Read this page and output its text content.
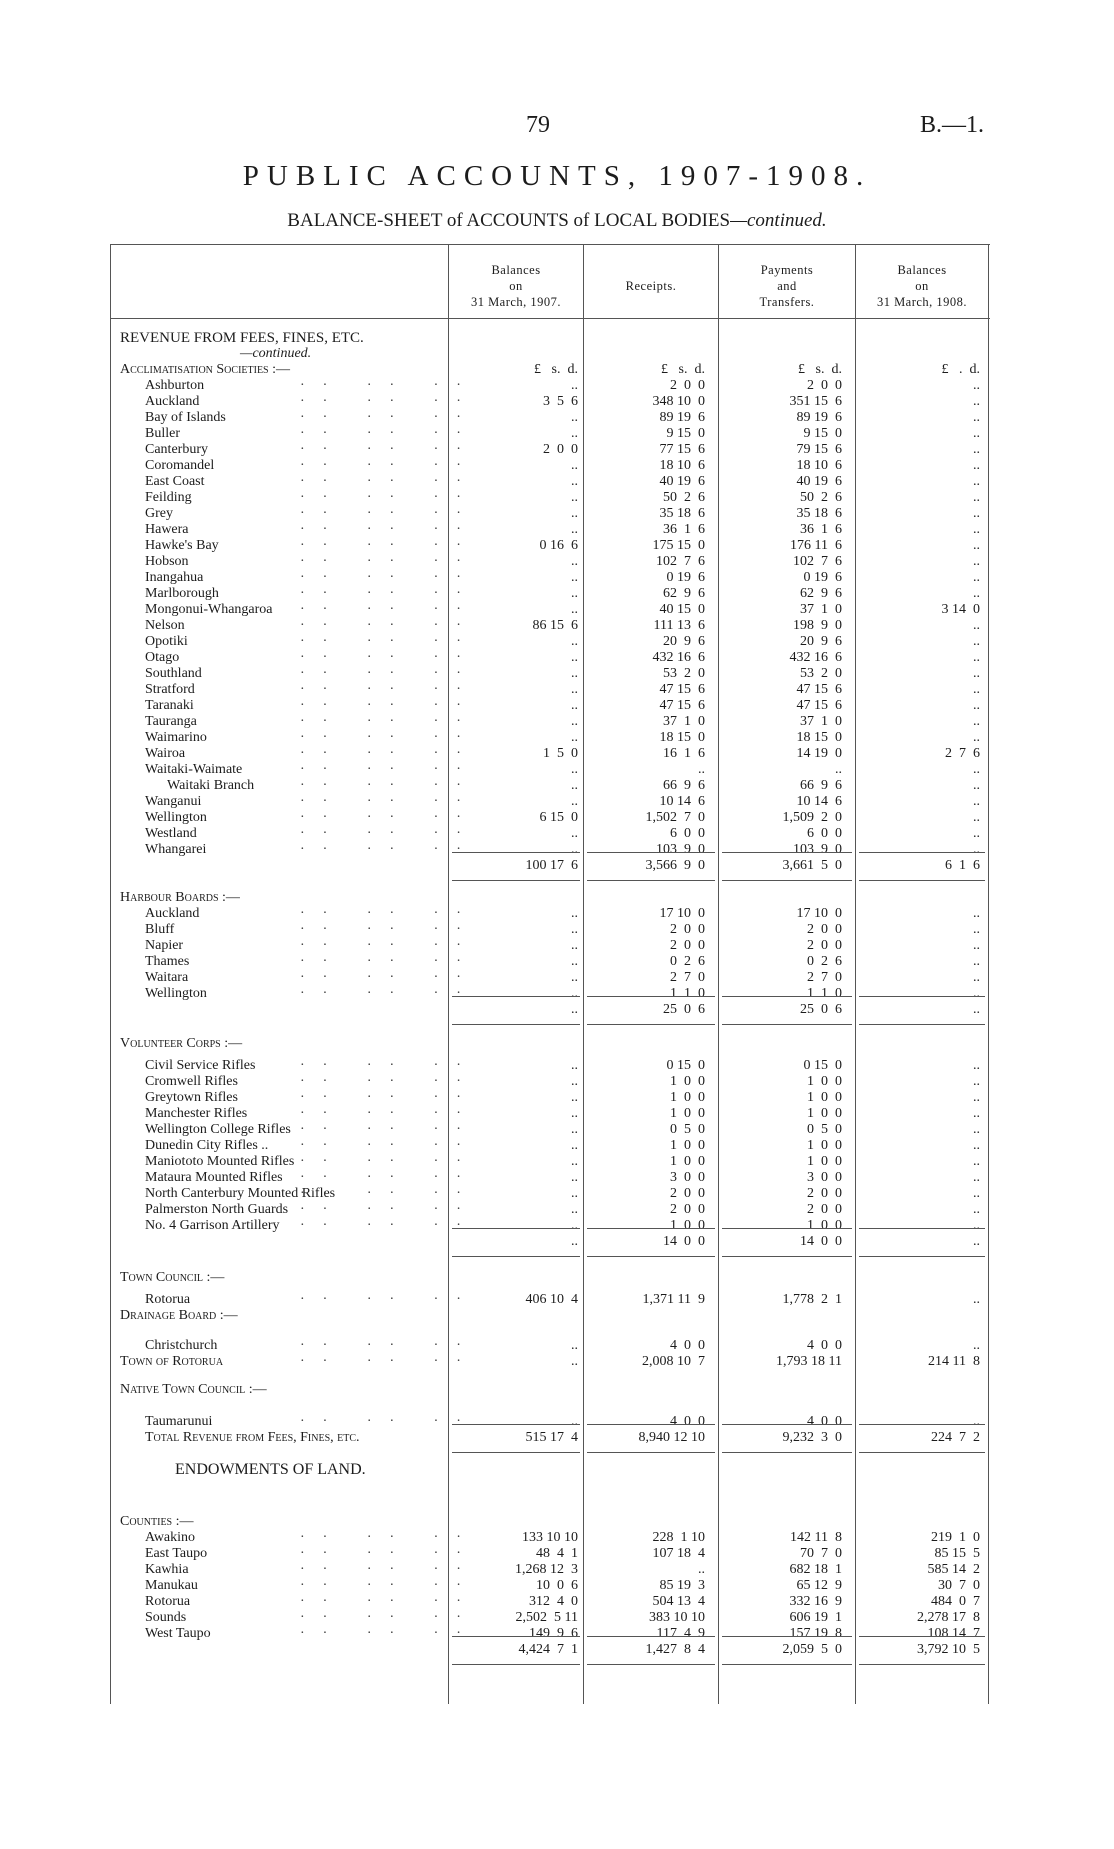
79	B.—1.
PUBLIC ACCOUNTS, 1907-1908.
BALANCE-SHEET of ACCOUNTS of LOCAL BODIES—continued.
Balances
on
31 March, 1907.
Receipts.
Payments
and
Transfers.
Balances
on
31 March, 1908.
REVENUE FROM FEES, FINES, ETC.
—continued.
Acclimatisation Societies :—	£   s.  d.	£   s.  d.	£   s.  d.	£   .  d.
Ashburton	·· ·· ··	..	2  0  0	2  0  0	..
Auckland	·· ·· ··	3  5  6	348 10  0	351 15  6	..
Bay of Islands	·· ·· ··	..	89 19  6	89 19  6	..
Buller	·· ·· ··	..	9 15  0	9 15  0	..
Canterbury	·· ·· ··	2  0  0	77 15  6	79 15  6	..
Coromandel	·· ·· ··	..	18 10  6	18 10  6	..
East Coast	·· ·· ··	..	40 19  6	40 19  6	..
Feilding	·· ·· ··	..	50  2  6	50  2  6	..
Grey	·· ·· ··	..	35 18  6	35 18  6	..
Hawera	·· ·· ··	..	36  1  6	36  1  6	..
Hawke's Bay	·· ·· ··	0 16  6	175 15  0	176 11  6	..
Hobson	·· ·· ··	..	102  7  6	102  7  6	..
Inangahua	·· ·· ··	..	0 19  6	0 19  6	..
Marlborough	·· ·· ··	..	62  9  6	62  9  6	..
Mongonui-Whangaroa ·· ·· ··	..	40 15  0	37  1  0	3 14  0
Nelson	·· ·· ··	86 15  6	111 13  6	198  9  0	..
Opotiki	·· ·· ··	..	20  9  6	20  9  6	..
Otago	·· ·· ··	..	432 16  6	432 16  6	..
Southland	·· ·· ··	..	53  2  0	53  2  0	..
Stratford	·· ·· ··	..	47 15  6	47 15  6	..
Taranaki	·· ·· ··	..	47 15  6	47 15  6	..
Tauranga	·· ·· ··	..	37  1  0	37  1  0	..
Waimarino	·· ·· ··	..	18 15  0	18 15  0	..
Wairoa	·· ·· ··	1  5  0	16  1  6	14 19  0	2  7  6
Waitaki-Waimate	·· ·· ··	..	..	..	..
Waitaki Branch	·· ·· ··	..	66  9  6	66  9  6	..
Wanganui	·· ·· ··	..	10 14  6	10 14  6	..
Wellington	·· ·· ··	6 15  0	1,502  7  0	1,509  2  0	..
Westland	·· ·· ··	..	6  0  0	6  0  0	..
Whangarei	·· ·· ··	..	103  9  0	103  9  0	..
100 17  6	3,566  9  0	3,661  5  0	6  1  6
Harbour Boards :—
Auckland	·· ·· ··	..	17 10  0	17 10  0	..
Bluff	·· ·· ··	..	2  0  0	2  0  0	..
Napier	·· ·· ··	..	2  0  0	2  0  0	..
Thames	·· ·· ··	..	0  2  6	0  2  6	..
Waitara	·· ·· ··	..	2  7  0	2  7  0	..
Wellington	·· ·· ··	..	1  1  0	1  1  0	..
..	25  0  6	25  0  6	..
Volunteer Corps :—
Civil Service Rifles	·· ·· ··	..	0 15  0	0 15  0	..
Cromwell Rifles	·· ·· ··	..	1  0  0	1  0  0	..
Greytown Rifles	·· ·· ··	..	1  0  0	1  0  0	..
Manchester Rifles	·· ·· ··	..	1  0  0	1  0  0	..
Wellington College Rifles ·· ·· ··	..	0  5  0	0  5  0	..
Dunedin City Rifles .. ·· ·· ··	..	1  0  0	1  0  0	..
Maniototo Mounted Rifles ·· ·· ··	..	1  0  0	1  0  0	..
Mataura Mounted Rifles ·· ·· ··	..	3  0  0	3  0  0	..
North Canterbury Mounted Rifles
·· ·· ··	..	2  0  0	2  0  0	..
Palmerston North Guards ·· ·· ··	..	2  0  0	2  0  0	..
No. 4 Garrison Artillery ·· ·· ··	..	1  0  0	1  0  0	..
..	14  0  0	14  0  0	..
Town Council :—
Rotorua	·· ·· ··	406 10  4	1,371 11  9	1,778  2  1	..
Drainage Board :—
Christchurch	·· ·· ··	..	4  0  0	4  0  0	..
Town of Rotorua	·· ·· ··	..	2,008 10  7	1,793 18 11	214 11  8
Native Town Council :—
Taumarunui	·· ·· ··	..	4  0  0	4  0  0	..
Total Revenue from Fees, Fines, etc.	515 17  4	8,940 12 10	9,232  3  0	224  7  2
ENDOWMENTS OF LAND.
Counties :—
Awakino	·· ·· ··	133 10 10	228  1 10	142 11  8	219  1  0
East Taupo	·· ·· ··	48  4  1	107 18  4	70  7  0	85 15  5
Kawhia	·· ·· ··	1,268 12  3	..	682 18  1	585 14  2
Manukau	·· ·· ··	10  0  6	85 19  3	65 12  9	30  7  0
Rotorua	·· ·· ··	312  4  0	504 13  4	332 16  9	484  0  7
Sounds	·· ·· ··	2,502  5 11	383 10 10	606 19  1	2,278 17  8
West Taupo	·· ·· ··	149  9  6	117  4  9	157 19  8	108 14  7
4,424  7  1	1,427  8  4	2,059  5  0	3,792 10  5
